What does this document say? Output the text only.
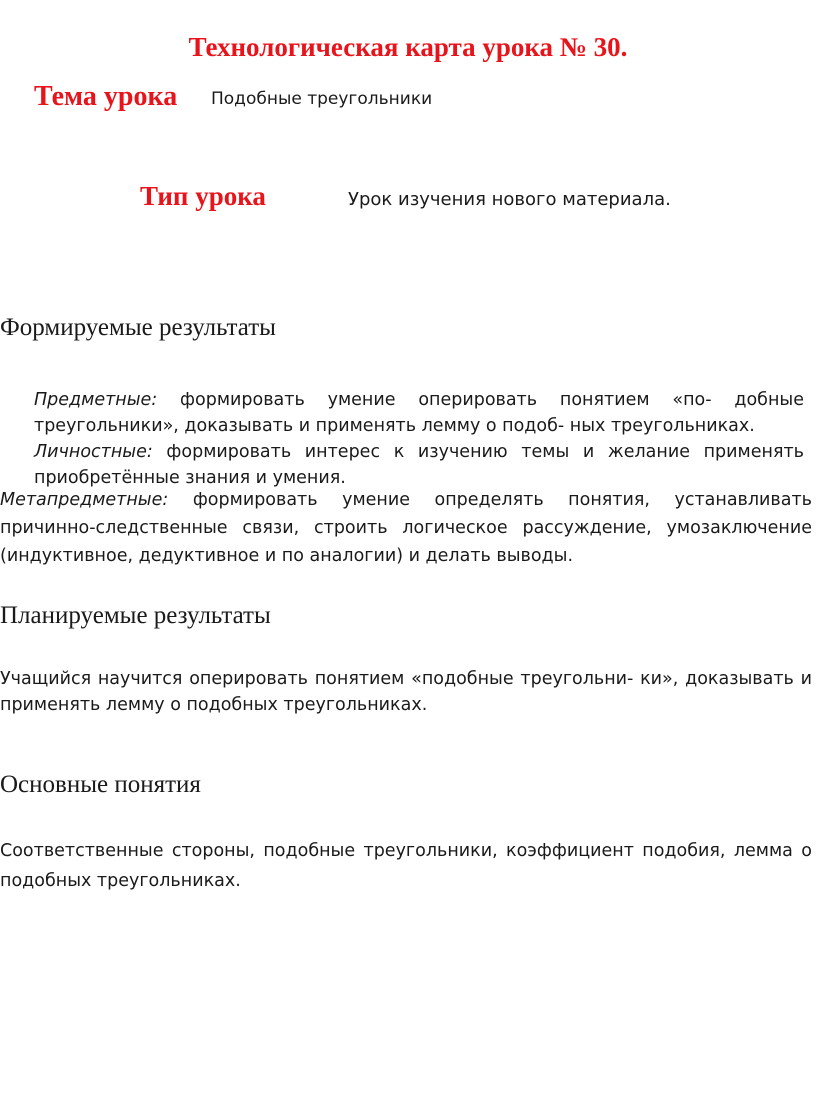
Технологическая карта урока № 30.
Тема урока Подобные треугольники
Тип урока	Урок изучения нового материала.
Формируемые результаты
Предметные: формировать умение оперировать понятием «по- добные треугольники», доказывать и применять лемму о подоб- ных треугольниках.
Личностные: формировать интерес к изучению темы и желание применять приобретённые знания и умения.
Метапредметные: формировать умение определять понятия, устанавливать причинно-следственные связи, строить логическое рассуждение, умозаключение (индуктивное, дедуктивное и по аналогии) и делать выводы.
Планируемые результаты
Учащийся научится оперировать понятием «подобные треугольни- ки», доказывать и применять лемму о подобных треугольниках.
Основные понятия
Соответственные стороны, подобные треугольники, коэффициент подобия, лемма о подобных треугольниках.
